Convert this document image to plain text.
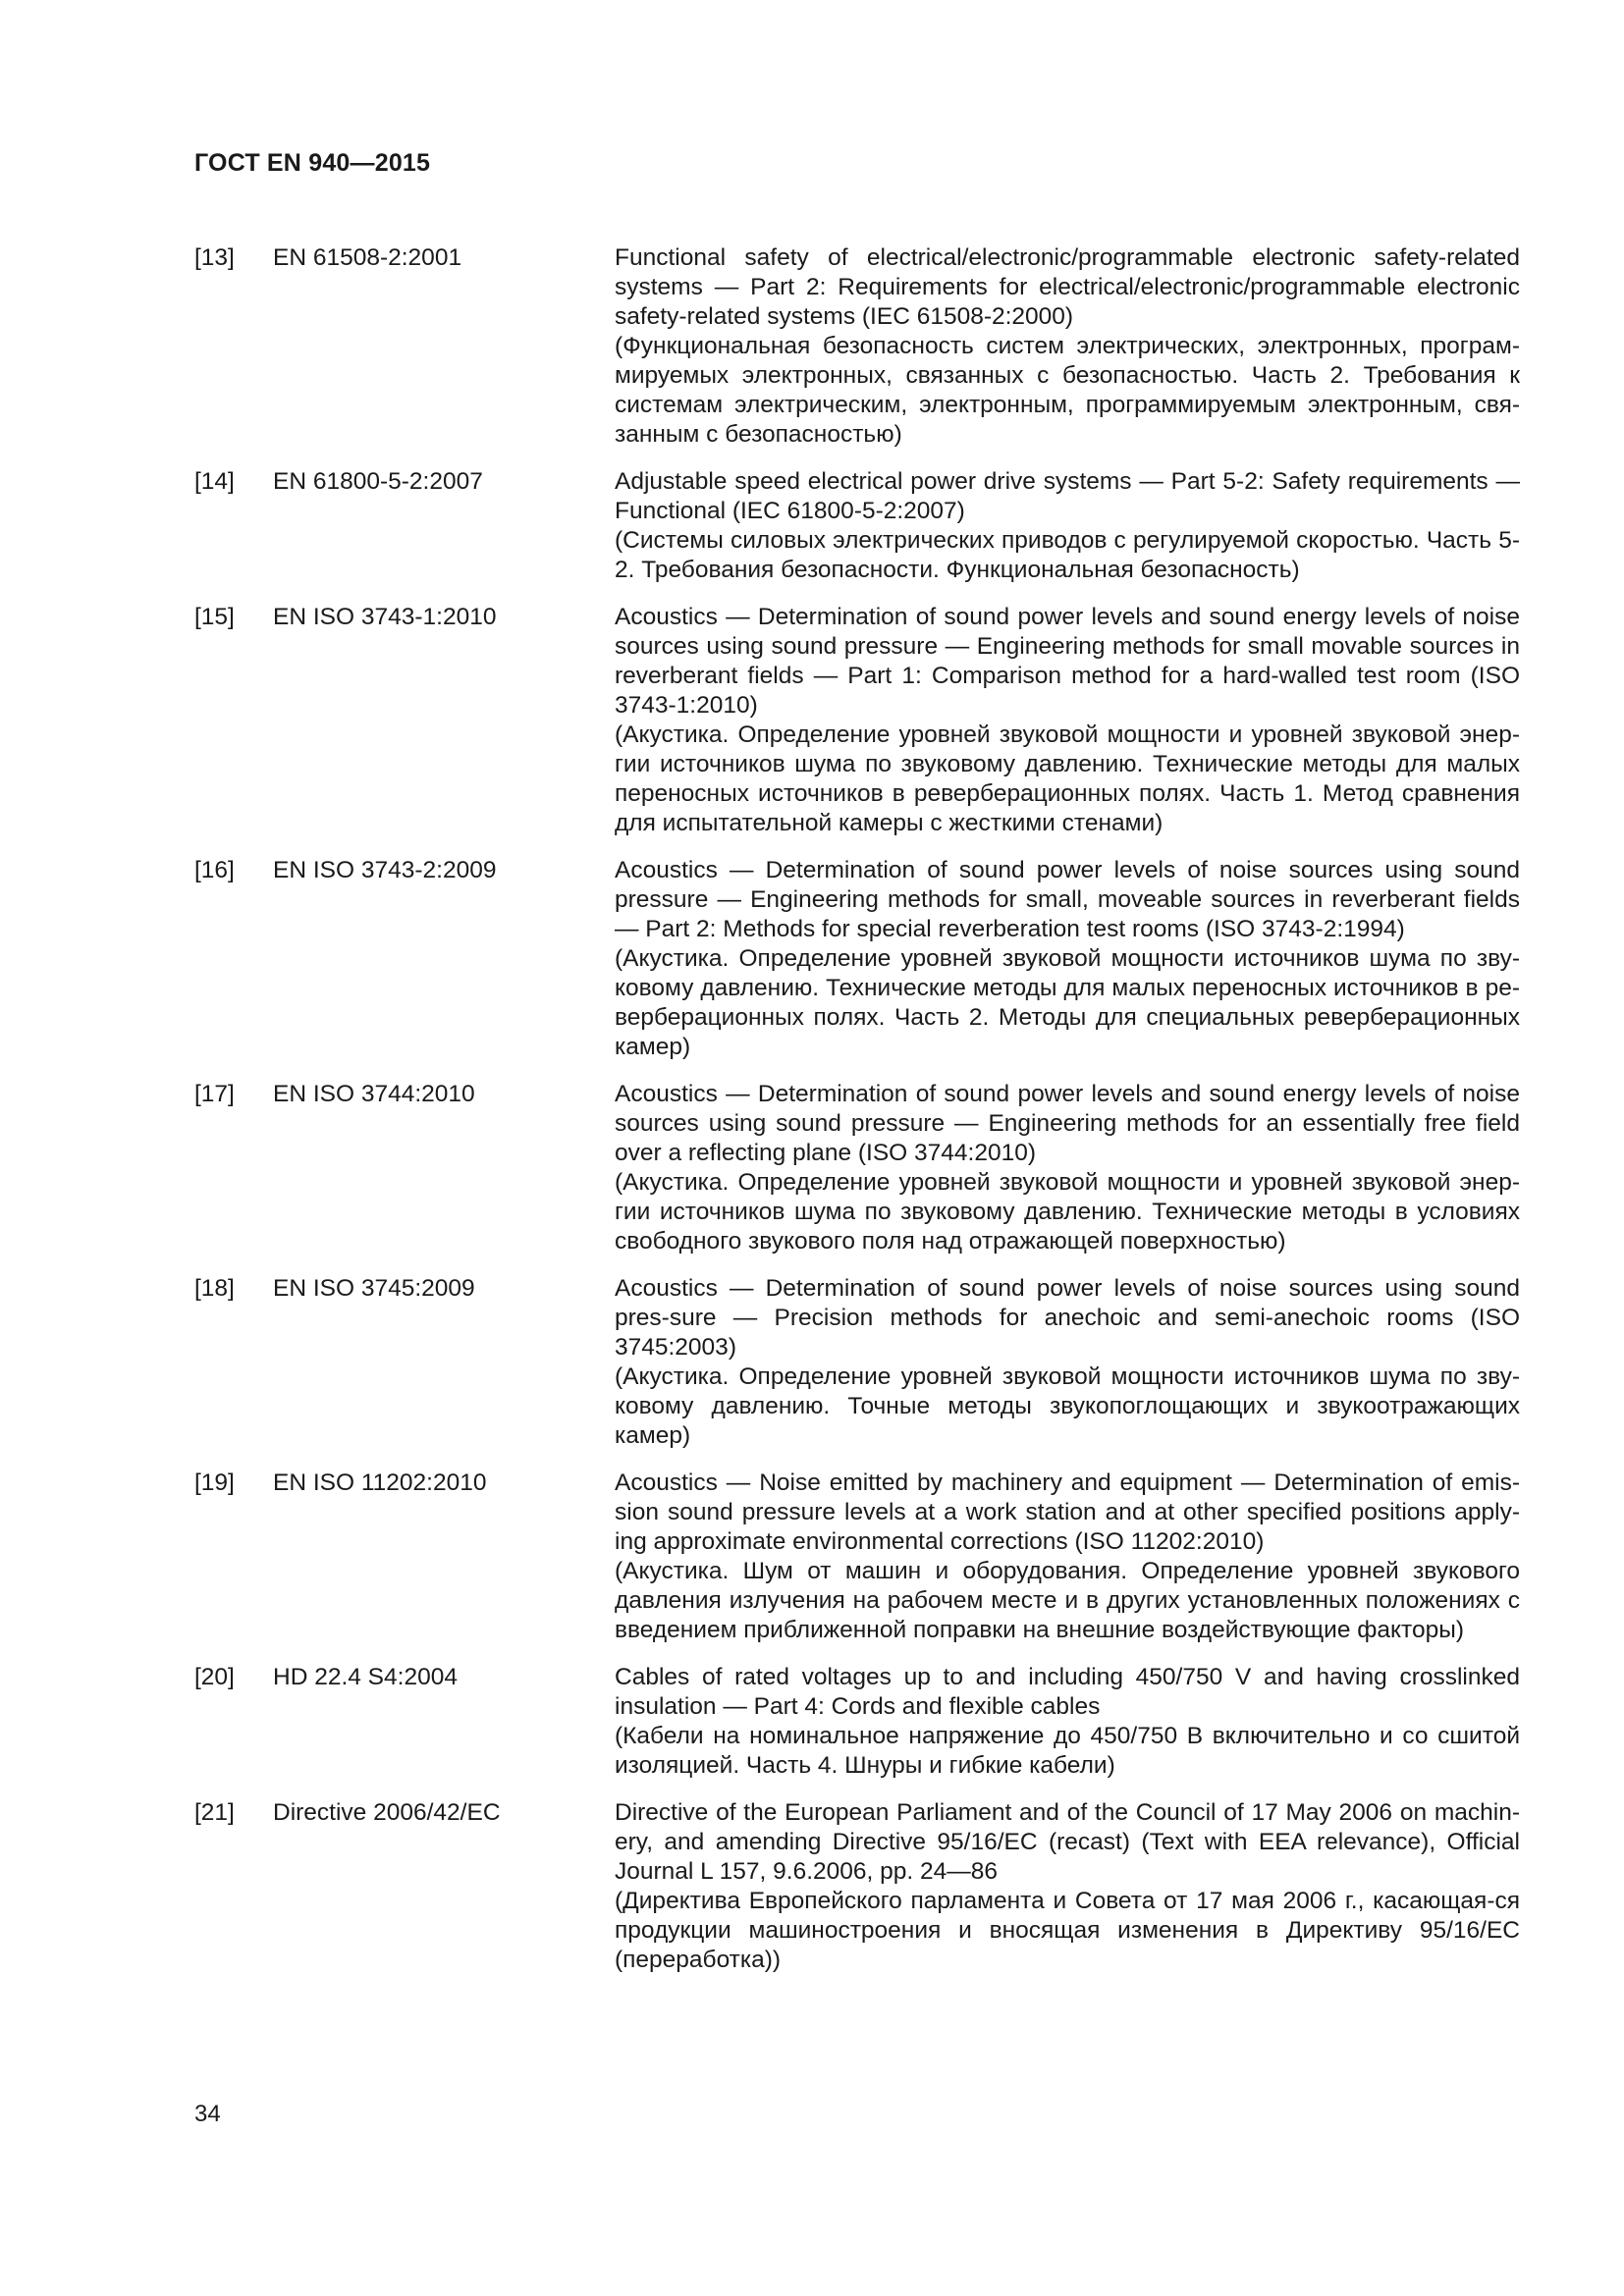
ГОСТ EN 940—2015
[13]	EN 61508-2:2001	Functional safety of electrical/electronic/programmable electronic safety-related systems — Part 2: Requirements for electrical/electronic/programmable electronic safety-related systems (IEC 61508-2:2000)

(Функциональная безопасность систем электрических, электронных, програм-мируемых электронных, связанных с безопасностью. Часть 2. Требования к системам электрическим, электронным, программируемым электронным, свя-занным с безопасностью)

[14]	EN 61800-5-2:2007	Adjustable speed electrical power drive systems — Part 5-2: Safety requirements — Functional (IEC 61800-5-2:2007)

(Системы силовых электрических приводов с регулируемой скоростью. Часть 5-2. Требования безопасности. Функциональная безопасность)

[15]	EN ISO 3743-1:2010	Acoustics — Determination of sound power levels and sound energy levels of noise sources using sound pressure — Engineering methods for small movable sources in reverberant fields — Part 1: Comparison method for a hard-walled test room (ISO 3743-1:2010)

(Акустика. Определение уровней звуковой мощности и уровней звуковой энер-гии источников шума по звуковому давлению. Технические методы для малых переносных источников в реверберационных полях. Часть 1. Метод сравнения для испытательной камеры с жесткими стенами)

[16]	EN ISO 3743-2:2009	Acoustics — Determination of sound power levels of noise sources using sound pressure — Engineering methods for small, moveable sources in reverberant fields — Part 2: Methods for special reverberation test rooms (ISO 3743-2:1994)

(Акустика. Определение уровней звуковой мощности источников шума по зву-ковому давлению. Технические методы для малых переносных источников в ре-верберационных полях. Часть 2. Методы для специальных реверберационных камер)

[17]	EN ISO 3744:2010	Acoustics — Determination of sound power levels and sound energy levels of noise sources using sound pressure — Engineering methods for an essentially free field over a reflecting plane (ISO 3744:2010)

(Акустика. Определение уровней звуковой мощности и уровней звуковой энер-гии источников шума по звуковому давлению. Технические методы в условиях свободного звукового поля над отражающей поверхностью)

[18]	EN ISO 3745:2009	Acoustics — Determination of sound power levels of noise sources using sound pres-sure — Precision methods for anechoic and semi-anechoic rooms (ISO 3745:2003)

(Акустика. Определение уровней звуковой мощности источников шума по зву-ковому давлению. Точные методы звукопоглощающих и звукоотражающих камер)

[19]	EN ISO 11202:2010	Acoustics — Noise emitted by machinery and equipment — Determination of emis-sion sound pressure levels at a work station and at other specified positions apply-ing approximate environmental corrections (ISO 11202:2010)

(Акустика. Шум от машин и оборудования. Определение уровней звукового давления излучения на рабочем месте и в других установленных положениях с введением приближенной поправки на внешние воздействующие факторы)

[20]	HD 22.4 S4:2004	Cables of rated voltages up to and including 450/750 V and having crosslinked insulation — Part 4: Cords and flexible cables

(Кабели на номинальное напряжение до 450/750 В включительно и со сшитой изоляцией. Часть 4. Шнуры и гибкие кабели)

[21]	Directive 2006/42/EC	Directive of the European Parliament and of the Council of 17 May 2006 on machin-ery, and amending Directive 95/16/EC (recast) (Text with EEA relevance), Official Journal L 157, 9.6.2006, pp. 24—86

(Директива Европейского парламента и Совета от 17 мая 2006 г., касающая-ся продукции машиностроения и вносящая изменения в Директиву 95/16/EC (переработка))

34
